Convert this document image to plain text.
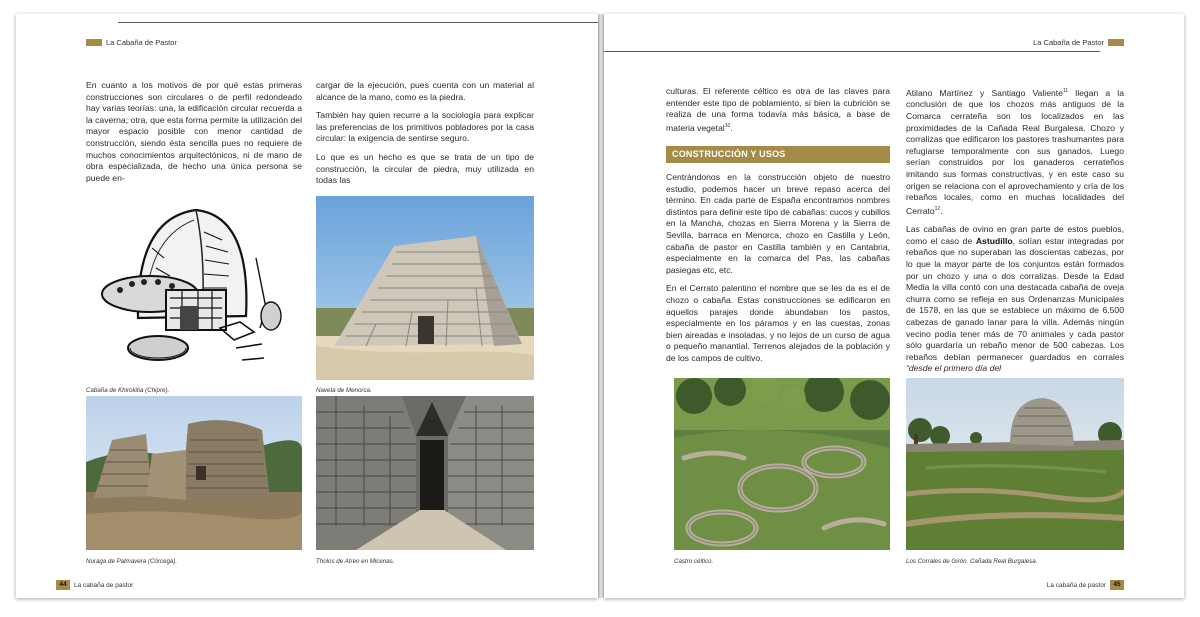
La Cabaña de Pastor

En cuanto a los motivos de por qué estas primeras construcciones son circulares o de perfil redondeado hay varias teorías: una, la edificación circular recuerda a la caverna; otra, que esta forma permite la utilización del mayor espacio posible con menor cantidad de construcción, siendo ésta sencilla pues no requiere de muchos conocimientos arquitectónicos, ni de mano de obra especializada, de hecho una única persona se puede en-

cargar de la ejecución, pues cuenta con un material al alcance de la mano, como es la piedra.

También hay quien recurre a la sociología para explicar las preferencias de los primitivos pobladores por la casa circular: la exigencia de sentirse seguro.

Lo que es un hecho es que se trata de un tipo de construcción, la circular de piedra, muy utilizada en todas las

Cabaña de Khirokitia (Chipre).	Naveta de Menorca.
Nuraga de Palmavera (Córcega).	Tholos de Atreo en Micenas.
44	La cabaña de pastor
La Cabaña de Pastor

culturas. El referente céltico es otra de las claves para entender este tipo de poblamiento, si bien la cubrición se realiza de una forma todavía más básica, a base de materia vegetal$^{10}$.

CONSTRUCCIÓN Y USOS

Centrándonos en la construcción objeto de nuestro estudio, podemos hacer un breve repaso acerca del término. En cada parte de España encontramos nombres distintos para definir este tipo de cabañas: cucos y cubillos en la Mancha, chozas en Sierra Morena y la Sierra de Sevilla, barraca en Menorca, chozo en Castilla y León, cabaña de pastor en Castilla también y en Cantabria, especialmente en la comarca del Pas, las cabañas pasiegas etc, etc.

En el Cerrato palentino el nombre que se les da es el de chozo o cabaña. Estas construcciones se edificaron en aquellos parajes donde abundaban los pastos, especialmente en los páramos y en las cuestas, zonas bien aireadas e insoladas, y no lejos de un curso de agua o pequeño manantial. Terrenos alejados de la población y de los campos de cultivo.

Atilano Martínez y Santiago Valiente$^{11}$ llegan a la conclusión de que los chozos más antiguos de la Comarca cerrateña son los localizados en las proximidades de la Cañada Real Burgalesa. Chozo y corralizas que edificaron los pastores trashumantes para refugiarse temporalmente con sus ganados. Luego serían construidos por los ganaderos cerrateños imitando sus formas constructivas, y en este caso su origen se relaciona con el aprovechamiento y cría de los rebaños locales, como en muchas localidades del Cerrato$^{12}$.

Las cabañas de ovino en gran parte de estos pueblos, como el caso de Astudillo, solían estar integradas por rebaños que no superaban las doscientas cabezas, por lo que la mayor parte de los conjuntos están formados por un chozo y una o dos corralizas. Desde la Edad Media la villa contó con una destacada cabaña de oveja churra como se refleja en sus Ordenanzas Municipales de 1578, en las que se establece un máximo de 6.500 cabezas de ganado lanar para la villa. Además ningún vecino podía tener más de 70 animales y cada pastor sólo guardaría un rebaño menor de 500 cabezas. Los rebaños debían permanecer guardados en corrales “desde el primero día del

Castro céltico.	Los Corrales de Girón. Cañada Real Burgalesa.
La cabaña de pastor	45
